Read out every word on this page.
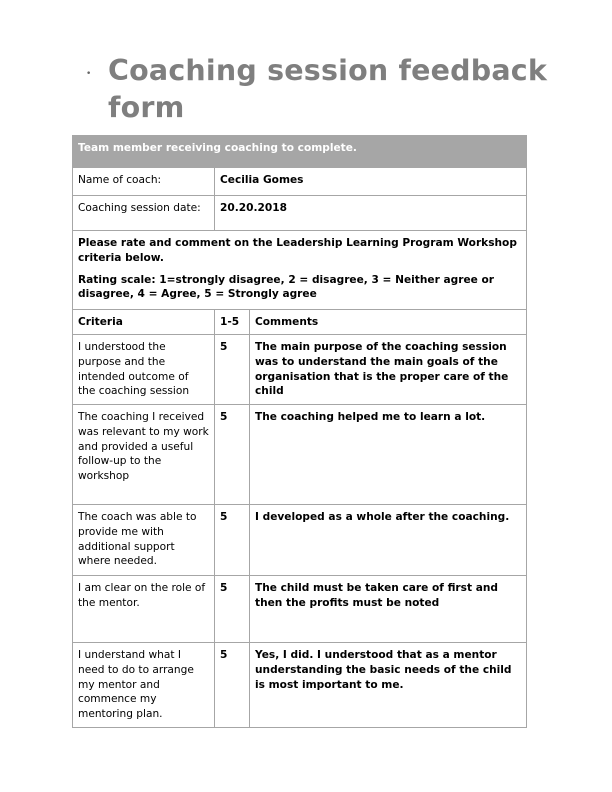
• Coaching session feedback form
Team member receiving coaching to complete.		
Name of coach:	Cecilia Gomes	
Coaching session date:	20.20.2018	

Please rate and comment on the Leadership Learning Program Workshop criteria below.

Rating scale: 1=strongly disagree, 2 = disagree, 3 = Neither agree or disagree, 4 = Agree, 5 = Strongly agree		

Criteria	1-5	Comments
I understood the purpose and the intended outcome of the coaching session	5	The main purpose of the coaching session was to understand the main goals of the organisation that is the proper care of the child
The coaching I received was relevant to my work and provided a useful follow-up to the workshop	5	The coaching helped me to learn a lot.
The coach was able to provide me with additional support where needed.	5	I developed as a whole after the coaching.
I am clear on the role of the mentor.	5	The child must be taken care of first and then the profits must be noted
I understand what I need to do to arrange my mentor and commence my mentoring plan.	5	Yes, I did. I understood that as a mentor understanding the basic needs of the child is most important to me.
